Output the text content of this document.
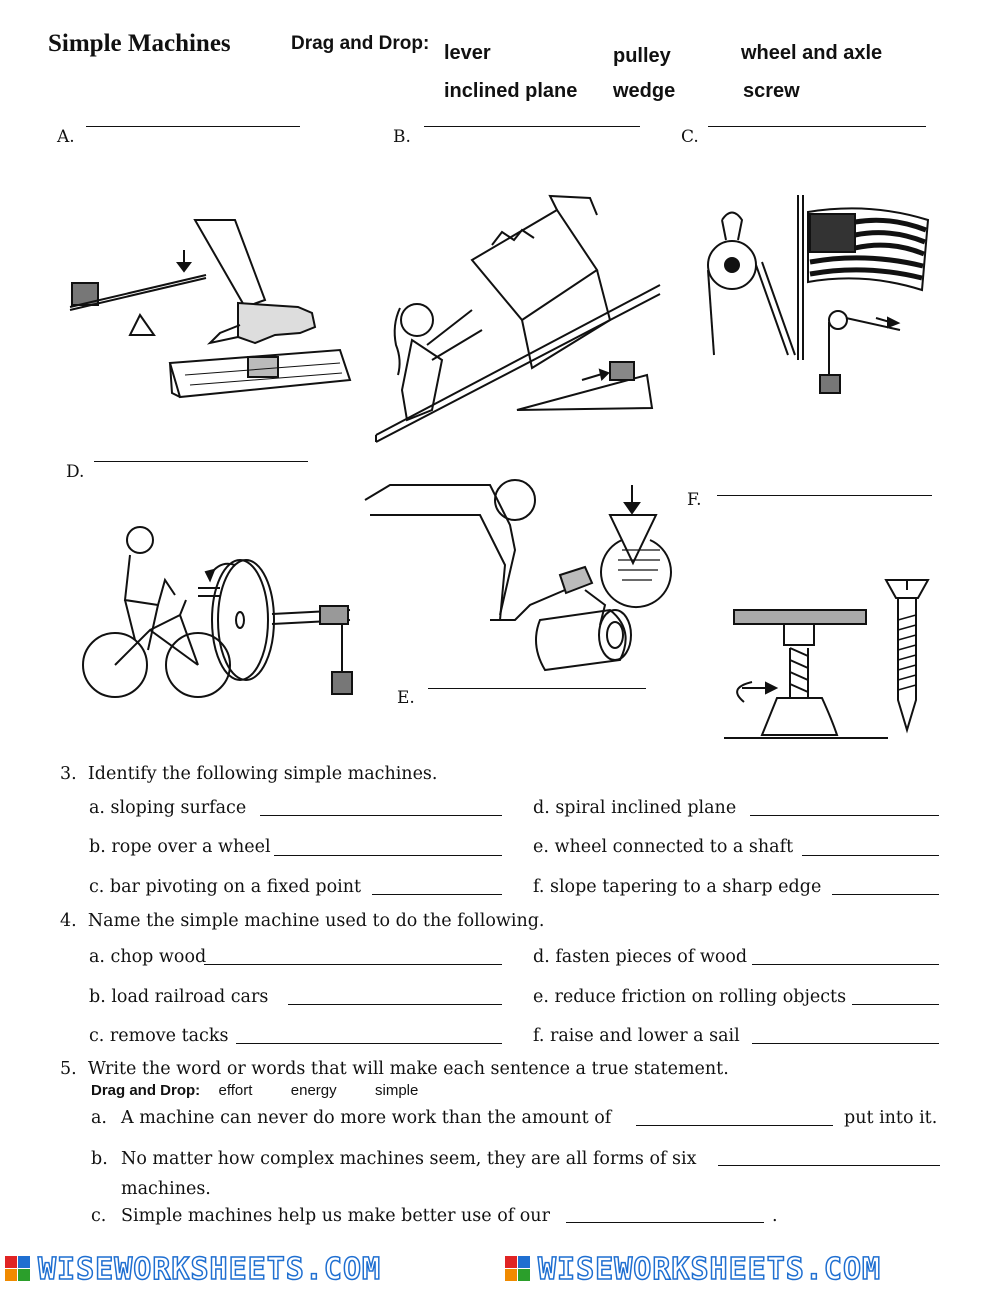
Simple Machines	Drag and Drop: lever	pulley	wheel and axle
inclined plane wedge	screw
A.	B.	C.
D.
E.
F.
3. Identify the following simple machines.
a. sloping surface
b. rope over a wheel
c. bar pivoting on a fixed point
d. spiral inclined plane
e. wheel connected to a shaft
f. slope tapering to a sharp edge
4. Name the simple machine used to do the following.
a. chop wood
b. load railroad cars
c. remove tacks
d. fasten pieces of wood
e. reduce friction on rolling objects
f. raise and lower a sail
5. Write the word or words that will make each sentence a true statement.
Drag and Drop: effort	energy	simple
a. A machine can never do more work than the amount of	put into it.
b. No matter how complex machines seem, they are all forms of six
machines.
c. Simple machines help us make better use of our	.
WISEWORKSHEETS.COM	WISEWORKSHEETS.COM
